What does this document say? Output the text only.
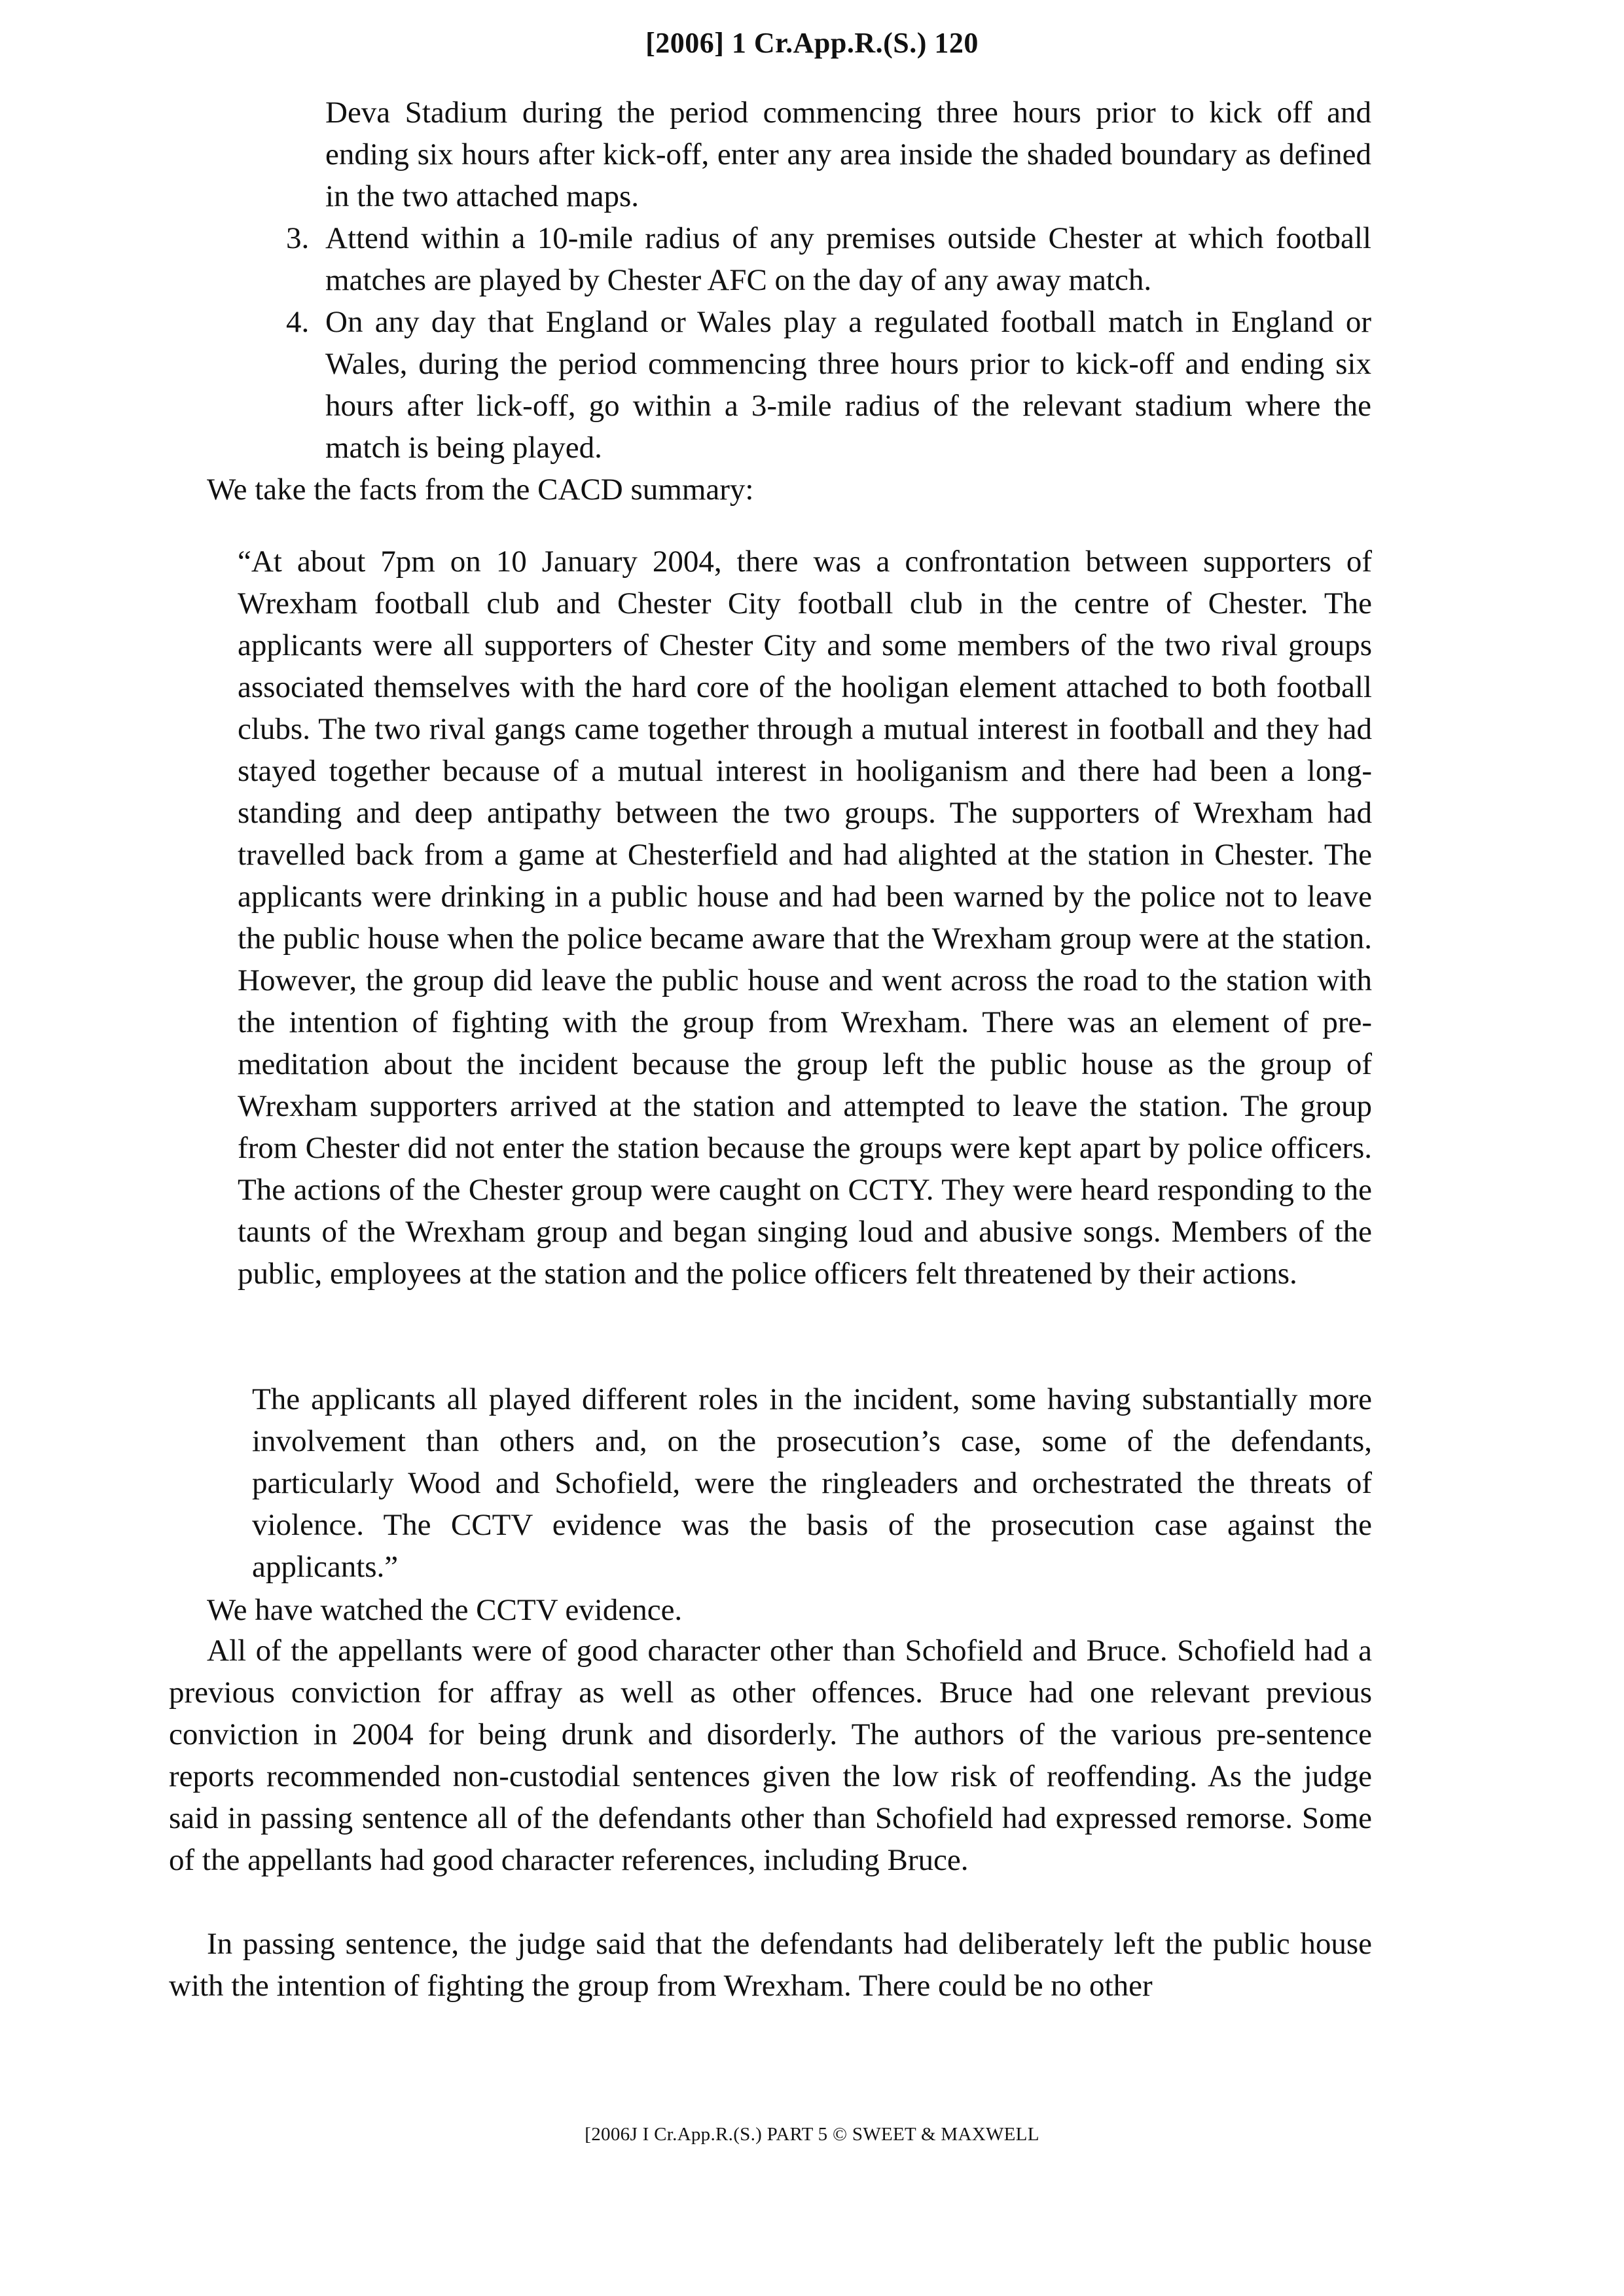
[2006] 1 Cr.App.R.(S.) 120
Deva Stadium during the period commencing three hours prior to kick off and ending six hours after kick-off, enter any area inside the shaded boundary as defined in the two attached maps.
3. Attend within a 10-mile radius of any premises outside Chester at which football matches are played by Chester AFC on the day of any away match.
4. On any day that England or Wales play a regulated football match in England or Wales, during the period commencing three hours prior to kick-off and ending six hours after lick-off, go within a 3-mile radius of the relevant stadium where the match is being played.
We take the facts from the CACD summary:
“At about 7pm on 10 January 2004, there was a confrontation between supporters of Wrexham football club and Chester City football club in the centre of Chester. The applicants were all supporters of Chester City and some members of the two rival groups associated themselves with the hard core of the hooligan element attached to both football clubs. The two rival gangs came together through a mutual interest in football and they had stayed together because of a mutual interest in hooliganism and there had been a long-standing and deep antipathy between the two groups. The supporters of Wrexham had travelled back from a game at Chesterfield and had alighted at the station in Chester. The applicants were drinking in a public house and had been warned by the police not to leave the public house when the police became aware that the Wrexham group were at the station. However, the group did leave the public house and went across the road to the station with the intention of fighting with the group from Wrexham. There was an element of pre-meditation about the incident because the group left the public house as the group of Wrexham supporters arrived at the station and attempted to leave the station. The group from Chester did not enter the station because the groups were kept apart by police officers. The actions of the Chester group were caught on CCTY. They were heard responding to the taunts of the Wrexham group and began singing loud and abusive songs. Members of the public, employees at the station and the police officers felt threatened by their actions.
The applicants all played different roles in the incident, some having substantially more involvement than others and, on the prosecution’s case, some of the defendants, particularly Wood and Schofield, were the ringleaders and orchestrated the threats of violence. The CCTV evidence was the basis of the prosecution case against the applicants.”
We have watched the CCTV evidence.
All of the appellants were of good character other than Schofield and Bruce. Schofield had a previous conviction for affray as well as other offences. Bruce had one relevant previous conviction in 2004 for being drunk and disorderly. The authors of the various pre-sentence reports recommended non-custodial sentences given the low risk of reoffending. As the judge said in passing sentence all of the defendants other than Schofield had expressed remorse. Some of the appellants had good character references, including Bruce.
In passing sentence, the judge said that the defendants had deliberately left the public house with the intention of fighting the group from Wrexham. There could be no other
[2006J I Cr.App.R.(S.) PART 5 © SWEET & MAXWELL
